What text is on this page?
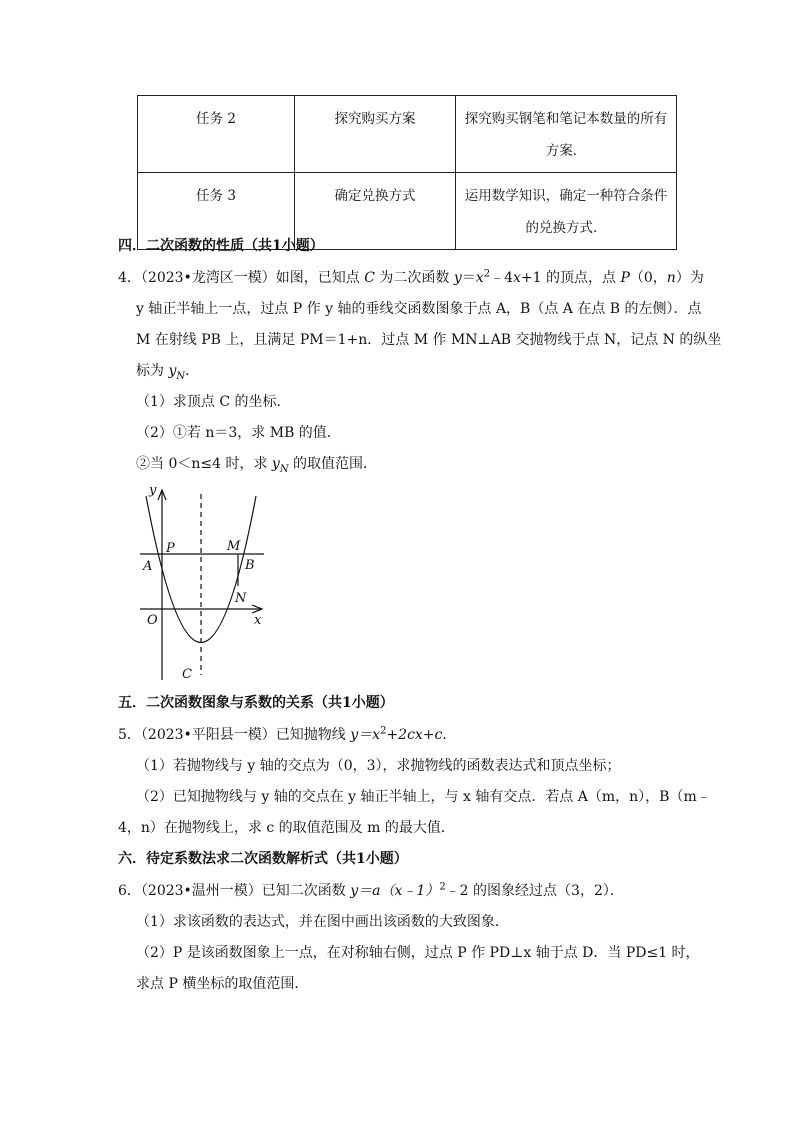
任务 2	探究购买方案	探究购买钢笔和笔记本数量的所有方案．
任务 3	确定兑换方式	运用数学知识，确定一种符合条件的兑换方式．
四．二次函数的性质（共1小题）
4．（2023•龙湾区一模）如图，已知点 C 为二次函数 $y=x^2﹣4x+1$ 的顶点，点 P（0，n）为
y 轴正半轴上一点，过点 P 作 y 轴的垂线交函数图象于点 A，B（点 A 在点 B 的左侧）．点
M 在射线 PB 上，且满足 PM＝1+n．过点 M 作 MN⊥AB 交抛物线于点 N，记点 N 的纵坐
标为 $y_N$．
（1）求顶点 C 的坐标．
（2）①若 n＝3，求 MB 的值．
②当 0＜n≤4 时，求 $y_N$ 的取值范围．
y
x
O
P
A
M
B
N
C
五．二次函数图象与系数的关系（共1小题）
5．（2023•平阳县一模）已知抛物线 $y=x^2+2cx+c$．
（1）若抛物线与 y 轴的交点为（0，3），求抛物线的函数表达式和顶点坐标；
（2）已知抛物线与 y 轴的交点在 y 轴正半轴上，与 x 轴有交点．若点 A（m，n），B（m﹣
4，n）在抛物线上，求 c 的取值范围及 m 的最大值．
六．待定系数法求二次函数解析式（共1小题）
6．（2023•温州一模）已知二次函数 y＝a（x﹣1）$^2$﹣2 的图象经过点（3，2）．
（1）求该函数的表达式，并在图中画出该函数的大致图象．
（2）P 是该函数图象上一点，在对称轴右侧，过点 P 作 PD⊥x 轴于点 D．当 PD≤1 时，
求点 P 横坐标的取值范围．
